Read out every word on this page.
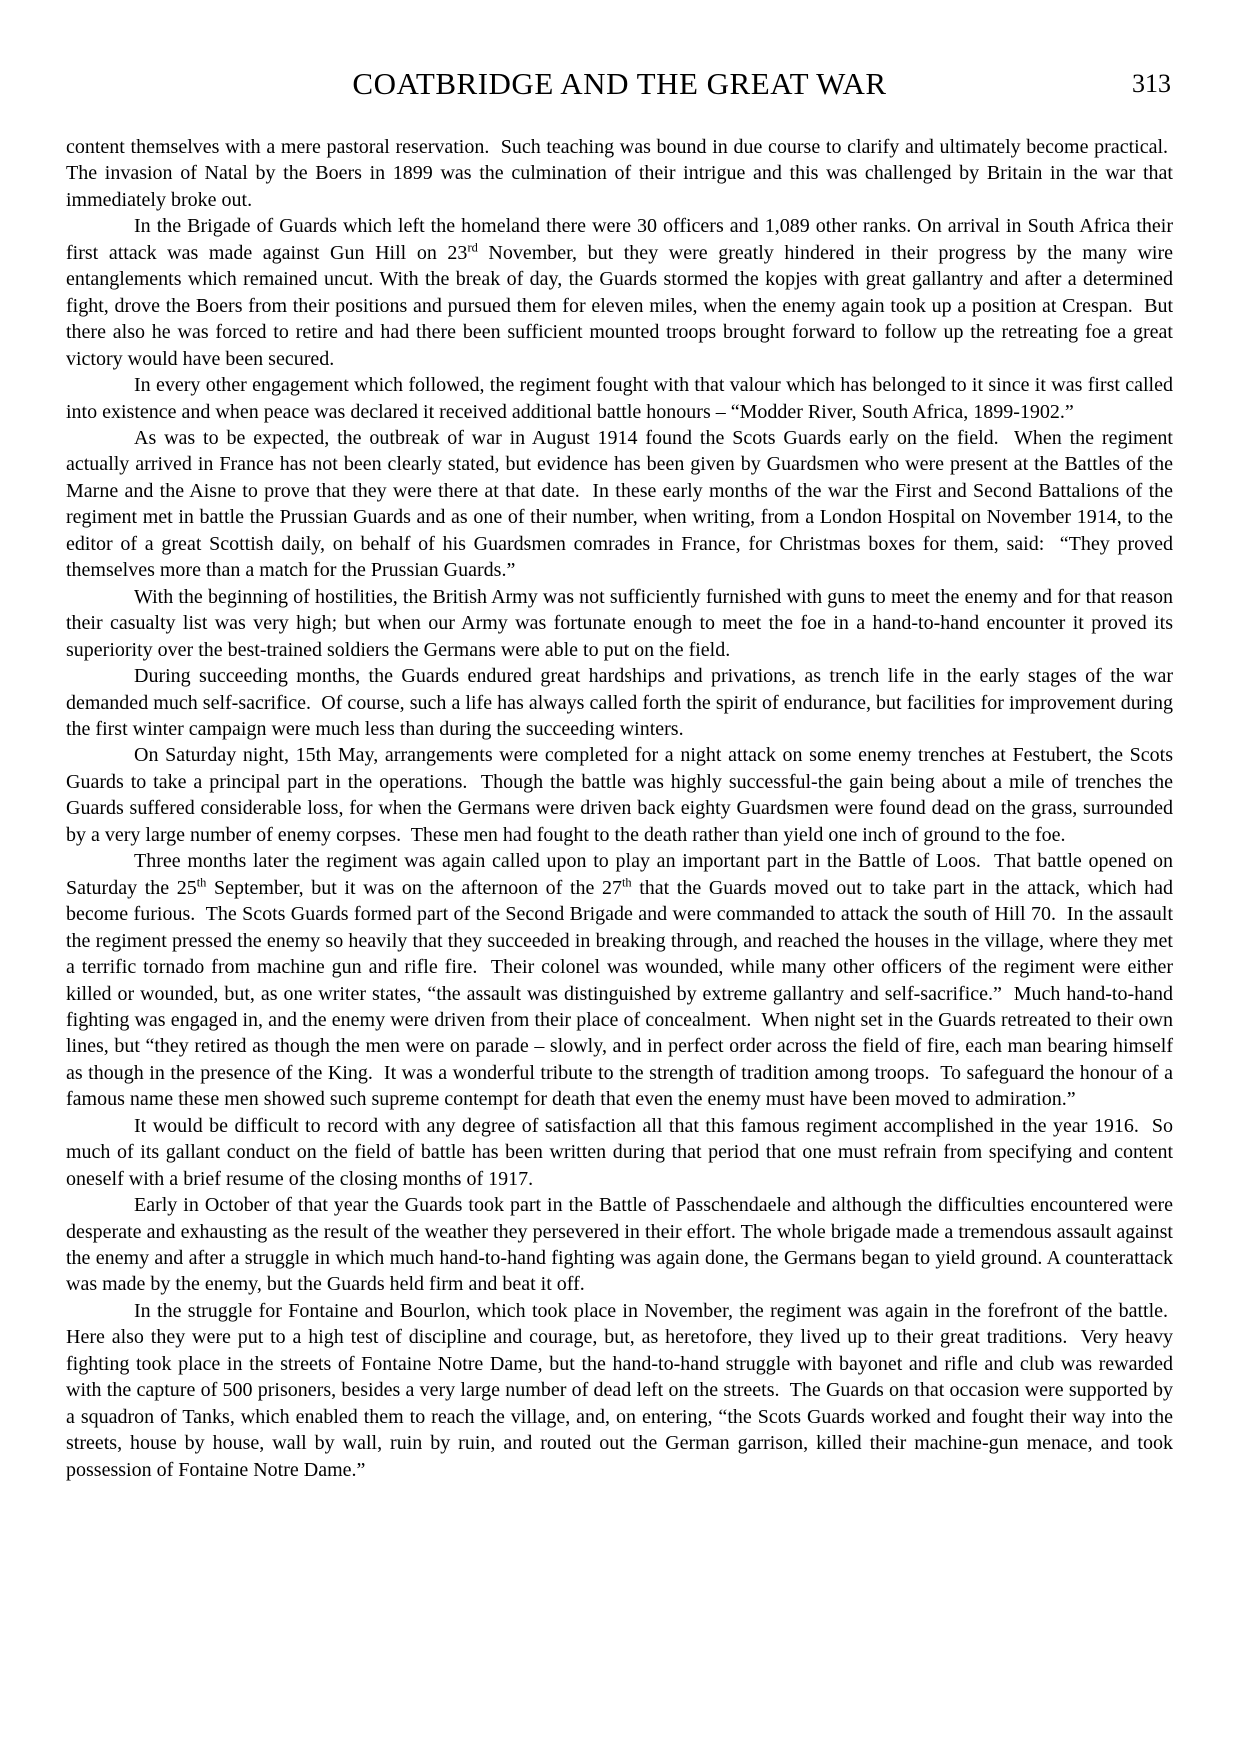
COATBRIDGE AND THE GREAT WAR	313

content themselves with a mere pastoral reservation.  Such teaching was bound in due course to clarify and ultimately become practical.  The invasion of Natal by the Boers in 1899 was the culmination of their intrigue and this was challenged by Britain in the war that immediately broke out.

In the Brigade of Guards which left the homeland there were 30 officers and 1,089 other ranks. On arrival in South Africa their first attack was made against Gun Hill on 23rd November, but they were greatly hindered in their progress by the many wire entanglements which remained uncut. With the break of day, the Guards stormed the kopjes with great gallantry and after a determined fight, drove the Boers from their positions and pursued them for eleven miles, when the enemy again took up a position at Crespan.  But there also he was forced to retire and had there been sufficient mounted troops brought forward to follow up the retreating foe a great victory would have been secured.

In every other engagement which followed, the regiment fought with that valour which has belonged to it since it was first called into existence and when peace was declared it received additional battle honours – “Modder River, South Africa, 1899-1902.”

As was to be expected, the outbreak of war in August 1914 found the Scots Guards early on the field.  When the regiment actually arrived in France has not been clearly stated, but evidence has been given by Guardsmen who were present at the Battles of the Marne and the Aisne to prove that they were there at that date.  In these early months of the war the First and Second Battalions of the regiment met in battle the Prussian Guards and as one of their number, when writing, from a London Hospital on November 1914, to the editor of a great Scottish daily, on behalf of his Guardsmen comrades in France, for Christmas boxes for them, said:  “They proved themselves more than a match for the Prussian Guards.”

With the beginning of hostilities, the British Army was not sufficiently furnished with guns to meet the enemy and for that reason their casualty list was very high; but when our Army was fortunate enough to meet the foe in a hand-to-hand encounter it proved its superiority over the best-trained soldiers the Germans were able to put on the field.

During succeeding months, the Guards endured great hardships and privations, as trench life in the early stages of the war demanded much self-sacrifice.  Of course, such a life has always called forth the spirit of endurance, but facilities for improvement during the first winter campaign were much less than during the succeeding winters.

On Saturday night, 15th May, arrangements were completed for a night attack on some enemy trenches at Festubert, the Scots Guards to take a principal part in the operations.  Though the battle was highly successful-the gain being about a mile of trenches the Guards suffered considerable loss, for when the Germans were driven back eighty Guardsmen were found dead on the grass, surrounded by a very large number of enemy corpses.  These men had fought to the death rather than yield one inch of ground to the foe.

Three months later the regiment was again called upon to play an important part in the Battle of Loos.  That battle opened on Saturday the 25th September, but it was on the afternoon of the 27th that the Guards moved out to take part in the attack, which had become furious.  The Scots Guards formed part of the Second Brigade and were commanded to attack the south of Hill 70.  In the assault the regiment pressed the enemy so heavily that they succeeded in breaking through, and reached the houses in the village, where they met a terrific tornado from machine gun and rifle fire.  Their colonel was wounded, while many other officers of the regiment were either killed or wounded, but, as one writer states, “the assault was distinguished by extreme gallantry and self-sacrifice.”  Much hand-to-hand fighting was engaged in, and the enemy were driven from their place of concealment.  When night set in the Guards retreated to their own lines, but “they retired as though the men were on parade – slowly, and in perfect order across the field of fire, each man bearing himself as though in the presence of the King.  It was a wonderful tribute to the strength of tradition among troops.  To safeguard the honour of a famous name these men showed such supreme contempt for death that even the enemy must have been moved to admiration.”

It would be difficult to record with any degree of satisfaction all that this famous regiment accomplished in the year 1916.  So much of its gallant conduct on the field of battle has been written during that period that one must refrain from specifying and content oneself with a brief resume of the closing months of 1917.

Early in October of that year the Guards took part in the Battle of Passchendaele and although the difficulties encountered were desperate and exhausting as the result of the weather they persevered in their effort. The whole brigade made a tremendous assault against the enemy and after a struggle in which much hand-to-hand fighting was again done, the Germans began to yield ground. A counterattack was made by the enemy, but the Guards held firm and beat it off.

In the struggle for Fontaine and Bourlon, which took place in November, the regiment was again in the forefront of the battle.  Here also they were put to a high test of discipline and courage, but, as heretofore, they lived up to their great traditions.  Very heavy fighting took place in the streets of Fontaine Notre Dame, but the hand-to-hand struggle with bayonet and rifle and club was rewarded with the capture of 500 prisoners, besides a very large number of dead left on the streets.  The Guards on that occasion were supported by a squadron of Tanks, which enabled them to reach the village, and, on entering, “the Scots Guards worked and fought their way into the streets, house by house, wall by wall, ruin by ruin, and routed out the German garrison, killed their machine-gun menace, and took possession of Fontaine Notre Dame.”
